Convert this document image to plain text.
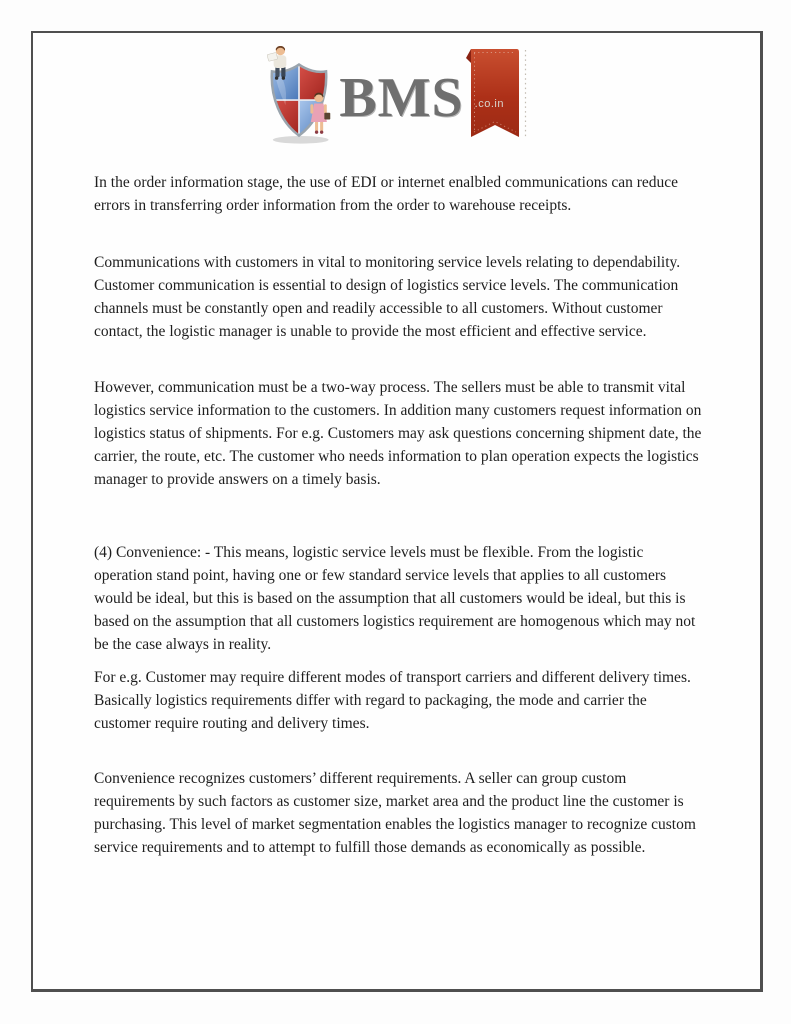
BMS .co.in

In the order information stage, the use of EDI or internet enalbled communications can reduce errors in transferring order information from the order to warehouse receipts.

Communications with customers in vital to monitoring service levels relating to dependability. Customer communication is essential to design of logistics service levels. The communication channels must be constantly open and readily accessible to all customers. Without customer contact, the logistic manager is unable to provide the most efficient and effective service.

However, communication must be a two-way process. The sellers must be able to transmit vital logistics service information to the customers. In addition many customers request information on logistics status of shipments. For e.g. Customers may ask questions concerning shipment date, the carrier, the route, etc. The customer who needs information to plan operation expects the logistics manager to provide answers on a timely basis.

(4) Convenience: - This means, logistic service levels must be flexible. From the logistic operation stand point, having one or few standard service levels that applies to all customers would be ideal, but this is based on the assumption that all customers would be ideal, but this is based on the assumption that all customers logistics requirement are homogenous which may not be the case always in reality.

For e.g. Customer may require different modes of transport carriers and different delivery times. Basically logistics requirements differ with regard to packaging, the mode and carrier the customer require routing and delivery times.

Convenience recognizes customers’ different requirements. A seller can group custom requirements by such factors as customer size, market area and the product line the customer is purchasing. This level of market segmentation enables the logistics manager to recognize custom service requirements and to attempt to fulfill those demands as economically as possible.
